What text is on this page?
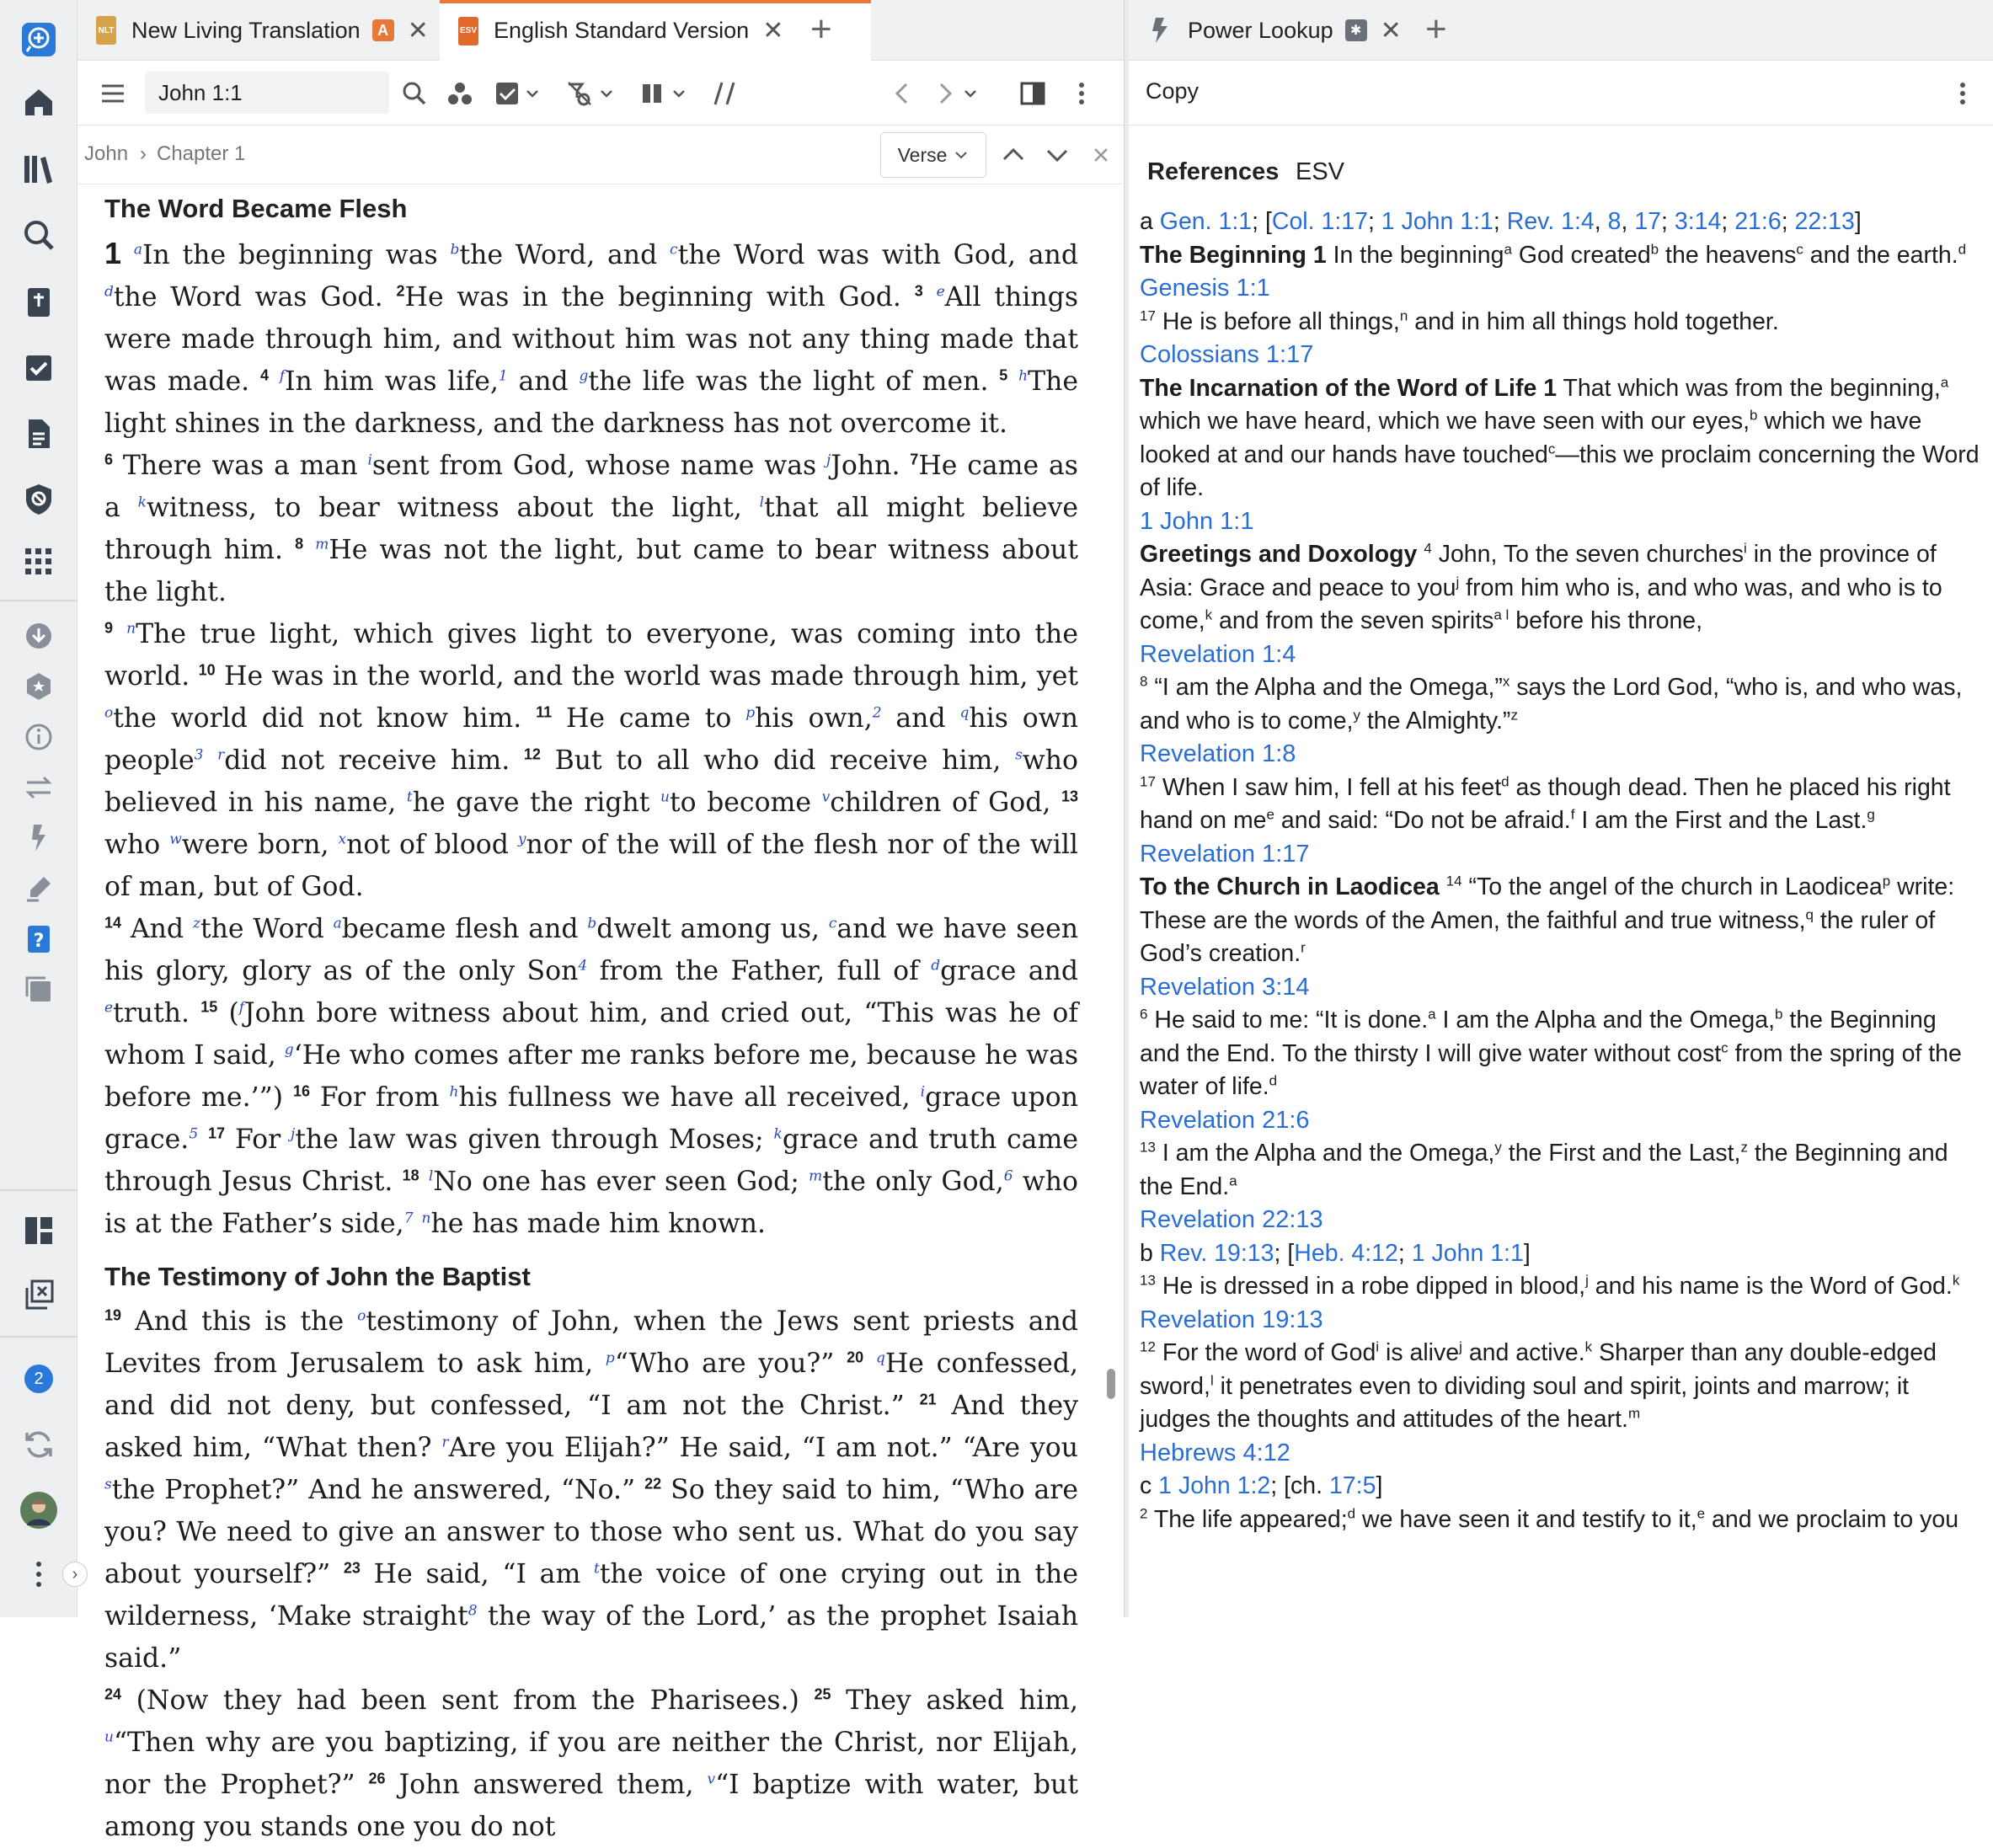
?
2
›
NLT New Living Translation	A ✕	ESV English Standard Version ✕ +	Power Lookup	✱ ✕ +
John 1:1
Copy
John › Chapter 1	Verse
The Word Became Flesh

1 $^a$In the beginning was $^b$the Word, and $^c$the Word was with God, and $^d$the Word was God. $^2$He was in the beginning with God. $^3$ $^e$All things were made through him, and without him was not any thing made that was made. $^4$ $^f$In him was life,$^1$ and $^g$the life was the light of men. $^5$ $^h$The light shines in the darkness, and the darkness has not overcome it.

$^6$ There was a man $^i$sent from God, whose name was $^j$John. $^7$He came as a $^k$witness, to bear witness about the light, $^l$that all might believe through him. $^8$ $^m$He was not the light, but came to bear witness about the light.

$^9$ $^n$The true light, which gives light to everyone, was coming into the world. $^{10}$ He was in the world, and the world was made through him, yet $^o$the world did not know him. $^{11}$ He came to $^p$his own,$^2$ and $^q$his own people$^3$ $^r$did not receive him. $^{12}$ But to all who did receive him, $^s$who believed in his name, $^t$he gave the right $^u$to become $^v$children of God, $^{13}$ who $^w$were born, $^x$not of blood $^y$nor of the will of the flesh nor of the will of man, but of God.

$^{14}$ And $^z$the Word $^a$became flesh and $^b$dwelt among us, $^c$and we have seen his glory, glory as of the only Son$^4$ from the Father, full of $^d$grace and $^e$truth. $^{15}$ ($^f$John bore witness about him, and cried out, “This was he of whom I said, $^g$‘He who comes after me ranks before me, because he was before me.’”) $^{16}$ For from $^h$his fullness we have all received, $^i$grace upon grace.$^5$ $^{17}$ For $^j$the law was given through Moses; $^k$grace and truth came through Jesus Christ. $^{18}$ $^l$No one has ever seen God; $^m$the only God,$^6$ who is at the Father’s side,$^7$ $^n$he has made him known.

The Testimony of John the Baptist

$^{19}$ And this is the $^o$testimony of John, when the Jews sent priests and Levites from Jerusalem to ask him, $^p$“Who are you?” $^{20}$ $^q$He confessed, and did not deny, but confessed, “I am not the Christ.” $^{21}$ And they asked him, “What then? $^r$Are you Elijah?” He said, “I am not.” “Are you $^s$the Prophet?” And he answered, “No.” $^{22}$ So they said to him, “Who are you? We need to give an answer to those who sent us. What do you say about yourself?” $^{23}$ He said, “I am $^t$the voice of one crying out in the wilderness, ‘Make straight$^8$ the way of the Lord,’ as the prophet Isaiah said.”

$^{24}$ (Now they had been sent from the Pharisees.) $^{25}$ They asked him, $^u$“Then why are you baptizing, if you are neither the Christ, nor Elijah, nor the Prophet?” $^{26}$ John answered them, $^v$“I baptize with water, but among you stands one you do not

References ESV
a Gen. 1:1; [Col. 1:17; 1 John 1:1; Rev. 1:4, 8, 17; 3:14; 21:6; 22:13]
The Beginning 1 In the beginning$^a$ God created$^b$ the heavens$^c$ and the earth.$^d$
Genesis 1:1
$^{17}$ He is before all things,$^n$ and in him all things hold together.
Colossians 1:17
The Incarnation of the Word of Life 1 That which was from the beginning,$^a$ which we have heard, which we have seen with our eyes,$^b$ which we have looked at and our hands have touched$^c$—this we proclaim concerning the Word of life.
1 John 1:1
Greetings and Doxology $^4$ John, To the seven churches$^i$ in the province of Asia: Grace and peace to you$^j$ from him who is, and who was, and who is to come,$^k$ and from the seven spirits$^{a l}$ before his throne,
Revelation 1:4
$^8$ “I am the Alpha and the Omega,”$^x$ says the Lord God, “who is, and who was, and who is to come,$^y$ the Almighty.”$^z$
Revelation 1:8
$^{17}$ When I saw him, I fell at his feet$^d$ as though dead. Then he placed his right hand on $me^e$ and said: “Do not be afraid.$^f$ I am the First and the Last.$^g$
Revelation 1:17
To the Church in Laodicea $^{14}$ “To the angel of the church in Laodicea$^p$ write: These are the words of the Amen, the faithful and true witness,$^q$ the ruler of God’s creation.$^r$
Revelation 3:14
$^6$ He said to me: “It is done.$^a$ I am the Alpha and the Omega,$^b$ the Beginning and the End. To the thirsty I will give water without cost$^c$ from the spring of the water of life.$^d$
Revelation 21:6
$^{13}$ I am the Alpha and the Omega,$^y$ the First and the Last,$^z$ the Beginning and the End.$^a$
Revelation 22:13
b Rev. 19:13; [Heb. 4:12; 1 John 1:1]
$^{13}$ He is dressed in a robe dipped in blood,$^j$ and his name is the Word of God.$^k$
Revelation 19:13
$^{12}$ For the word of God$^i$ is alive$^j$ and active.$^k$ Sharper than any double-edged sword,$^l$ it penetrates even to dividing soul and spirit, joints and marrow; it judges the thoughts and attitudes of the heart.$^m$
Hebrews 4:12
c 1 John 1:2; [ch. 17:5]
$^2$ The life appeared;$^d$ we have seen it and testify to it,$^e$ and we proclaim to you
